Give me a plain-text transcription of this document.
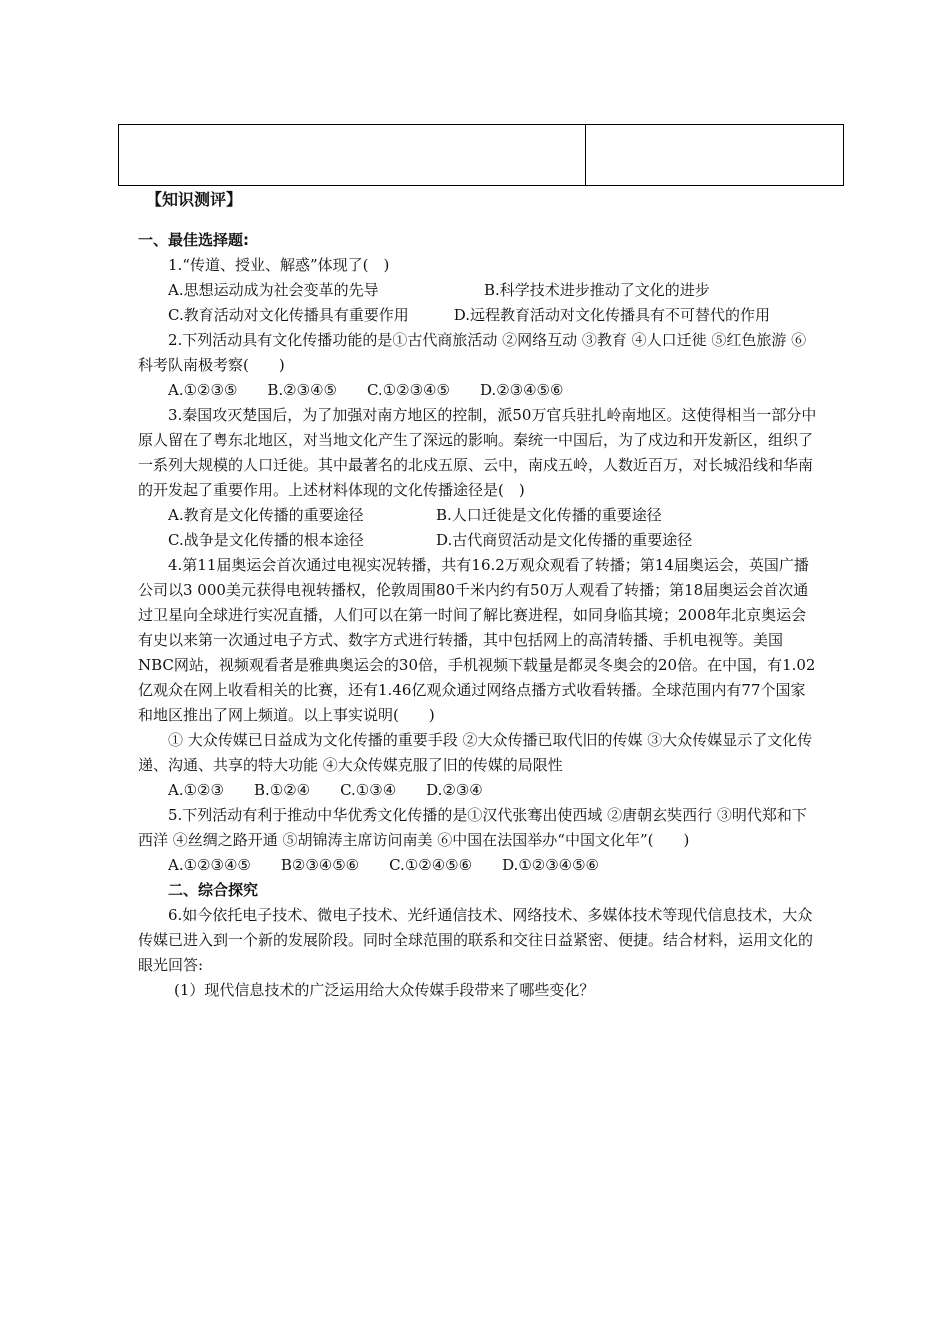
【知识测评】

一、最佳选择题:

1.“传道、授业、解惑”体现了(　)

A.思想运动成为社会变革的先导	B.科学技术进步推动了文化的进步

C.教育活动对文化传播具有重要作用　　　	D.远程教育活动对文化传播具有不可替代的作用

2.下列活动具有文化传播功能的是①古代商旅活动 ②网络互动 ③教育 ④人口迁徙 ⑤红色旅游 ⑥科考队南极考察(　　)

A.①②③⑤ B.②③④⑤ C.①②③④⑤ D.②③④⑤⑥

3.秦国攻灭楚国后，为了加强对南方地区的控制，派50万官兵驻扎岭南地区。这使得相当一部分中原人留在了粤东北地区，对当地文化产生了深远的影响。秦统一中国后，为了戍边和开发新区，组织了一系列大规模的人口迁徙。其中最著名的北戍五原、云中，南戍五岭，人数近百万，对长城沿线和华南的开发起了重要作用。上述材料体现的文化传播途径是(　)

A.教育是文化传播的重要途径	B.人口迁徙是文化传播的重要途径

C.战争是文化传播的根本途径	D.古代商贸活动是文化传播的重要途径

4.第11届奥运会首次通过电视实况转播，共有16.2万观众观看了转播；第14届奥运会，英国广播公司以3 000美元获得电视转播权，伦敦周围80千米内约有50万人观看了转播；第18届奥运会首次通过卫星向全球进行实况直播，人们可以在第一时间了解比赛进程，如同身临其境；2008年北京奥运会有史以来第一次通过电子方式、数字方式进行转播，其中包括网上的高清转播、手机电视等。美国NBC网站，视频观看者是雅典奥运会的30倍，手机视频下载量是都灵冬奥会的20倍。在中国，有1.02亿观众在网上收看相关的比赛，还有1.46亿观众通过网络点播方式收看转播。全球范围内有77个国家和地区推出了网上频道。以上事实说明(　　)

① 大众传媒已日益成为文化传播的重要手段 ②大众传播已取代旧的传媒 ③大众传媒显示了文化传递、沟通、共享的特大功能 ④大众传媒克服了旧的传媒的局限性

A.①②③ B.①②④ C.①③④ D.②③④

5.下列活动有利于推动中华优秀文化传播的是①汉代张骞出使西域 ②唐朝玄奘西行 ③明代郑和下西洋 ④丝绸之路开通 ⑤胡锦涛主席访问南美 ⑥中国在法国举办“中国文化年”(　　)

A.①②③④⑤ B②③④⑤⑥ C.①②④⑤⑥ D.①②③④⑤⑥

二、综合探究

6.如今依托电子技术、微电子技术、光纤通信技术、网络技术、多媒体技术等现代信息技术，大众传媒已进入到一个新的发展阶段。同时全球范围的联系和交往日益紧密、便捷。结合材料，运用文化的眼光回答:

(1）现代信息技术的广泛运用给大众传媒手段带来了哪些变化？
